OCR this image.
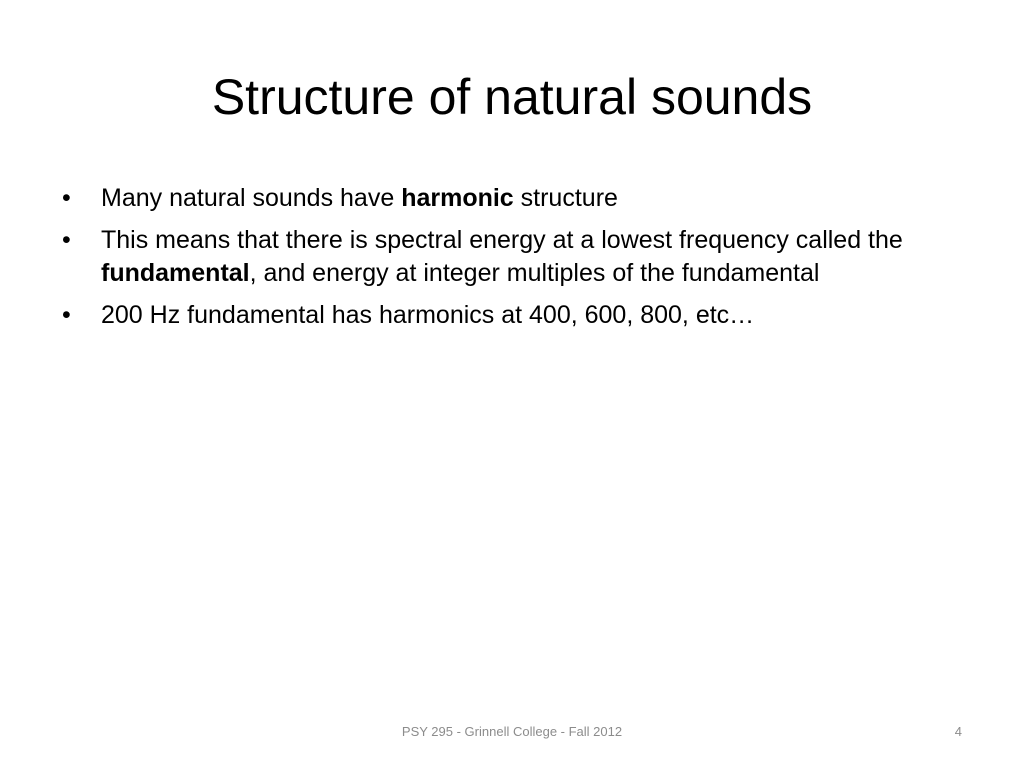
Structure of natural sounds
•	Many natural sounds have harmonic structure
•	This means that there is spectral energy at a lowest frequency called the fundamental, and energy at integer multiples of the fundamental
•	200 Hz fundamental has harmonics at 400, 600, 800, etc…
PSY 295 - Grinnell College - Fall 2012	4
